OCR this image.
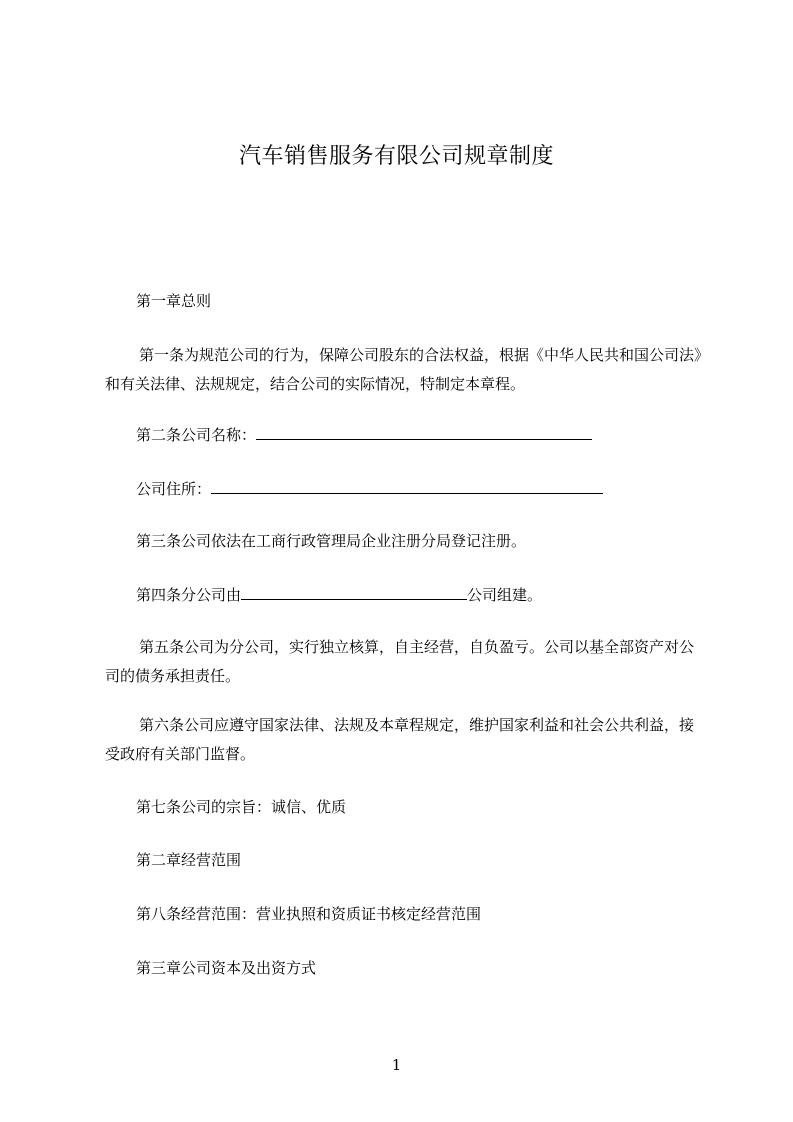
汽车销售服务有限公司规章制度
第一章总则
第一条为规范公司的行为，保障公司股东的合法权益，根据《中华人民共和国公司法》和有关法律、法规规定，结合公司的实际情况，特制定本章程。
第二条公司名称：
公司住所：
第三条公司依法在工商行政管理局企业注册分局登记注册。
第四条分公司由	公司组建。
第五条公司为分公司，实行独立核算，自主经营，自负盈亏。公司以基全部资产对公司的债务承担责任。
第六条公司应遵守国家法律、法规及本章程规定，维护国家利益和社会公共利益，接受政府有关部门监督。
第七条公司的宗旨：诚信、优质
第二章经营范围
第八条经营范围：营业执照和资质证书核定经营范围
第三章公司资本及出资方式
1
